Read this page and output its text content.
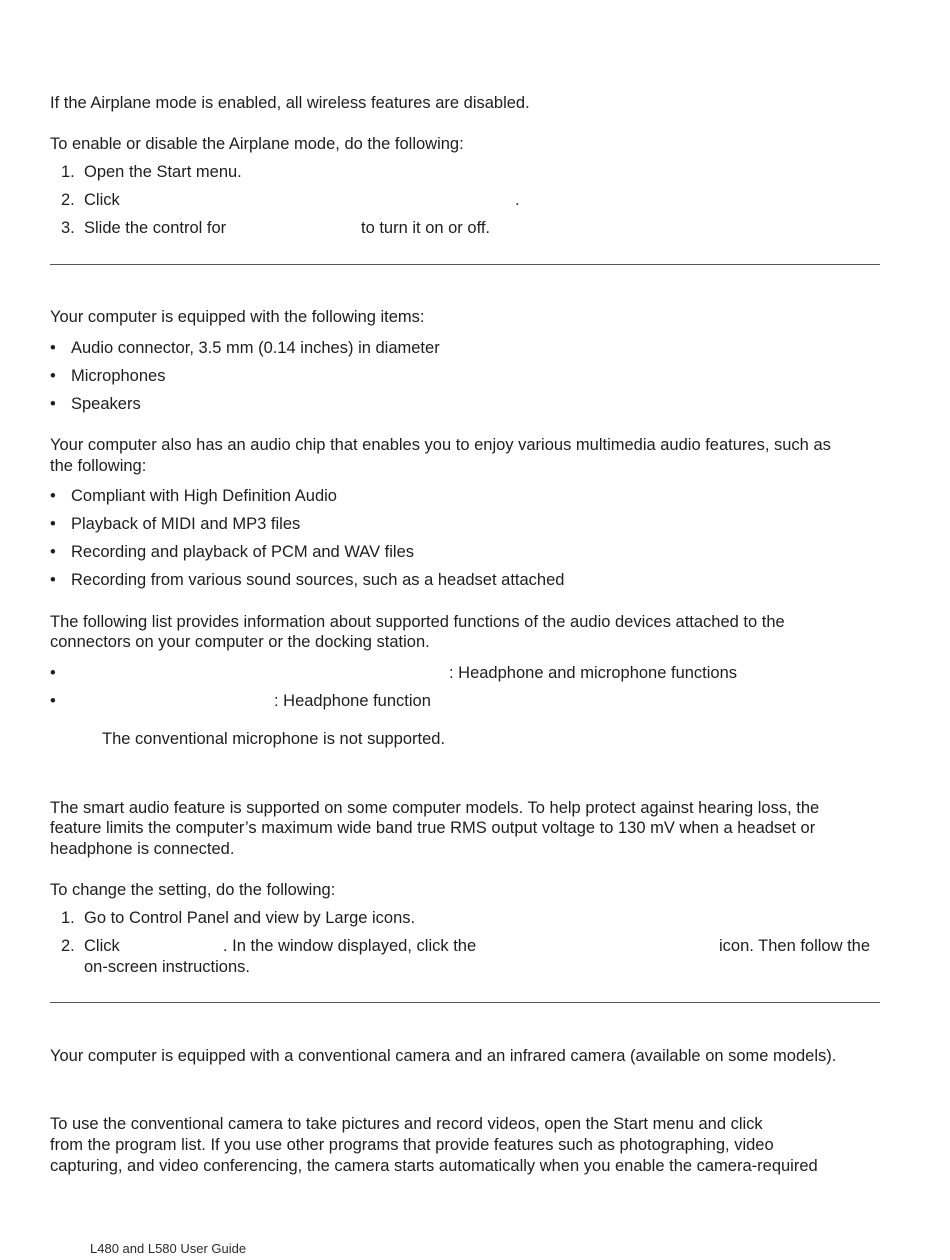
If the Airplane mode is enabled, all wireless features are disabled.
To enable or disable the Airplane mode, do the following:
1. Open the Start menu.
2. Click	.
3. Slide the control for	to turn it on or off.
Your computer is equipped with the following items:
• Audio connector, 3.5 mm (0.14 inches) in diameter
• Microphones
• Speakers
Your computer also has an audio chip that enables you to enjoy various multimedia audio features, such as
the following:
• Compliant with High Definition Audio
• Playback of MIDI and MP3 files
• Recording and playback of PCM and WAV files
• Recording from various sound sources, such as a headset attached
The following list provides information about supported functions of the audio devices attached to the
connectors on your computer or the docking station.
•	: Headphone and microphone functions
•	: Headphone function
The conventional microphone is not supported.
The smart audio feature is supported on some computer models. To help protect against hearing loss, the
feature limits the computer’s maximum wide band true RMS output voltage to 130 mV when a headset or
headphone is connected.
To change the setting, do the following:
1. Go to Control Panel and view by Large icons.
2. Click	. In the window displayed, click the	icon. Then follow the
on-screen instructions.
Your computer is equipped with a conventional camera and an infrared camera (available on some models).
To use the conventional camera to take pictures and record videos, open the Start menu and click
from the program list. If you use other programs that provide features such as photographing, video
capturing, and video conferencing, the camera starts automatically when you enable the camera-required
L480 and L580 User Guide
